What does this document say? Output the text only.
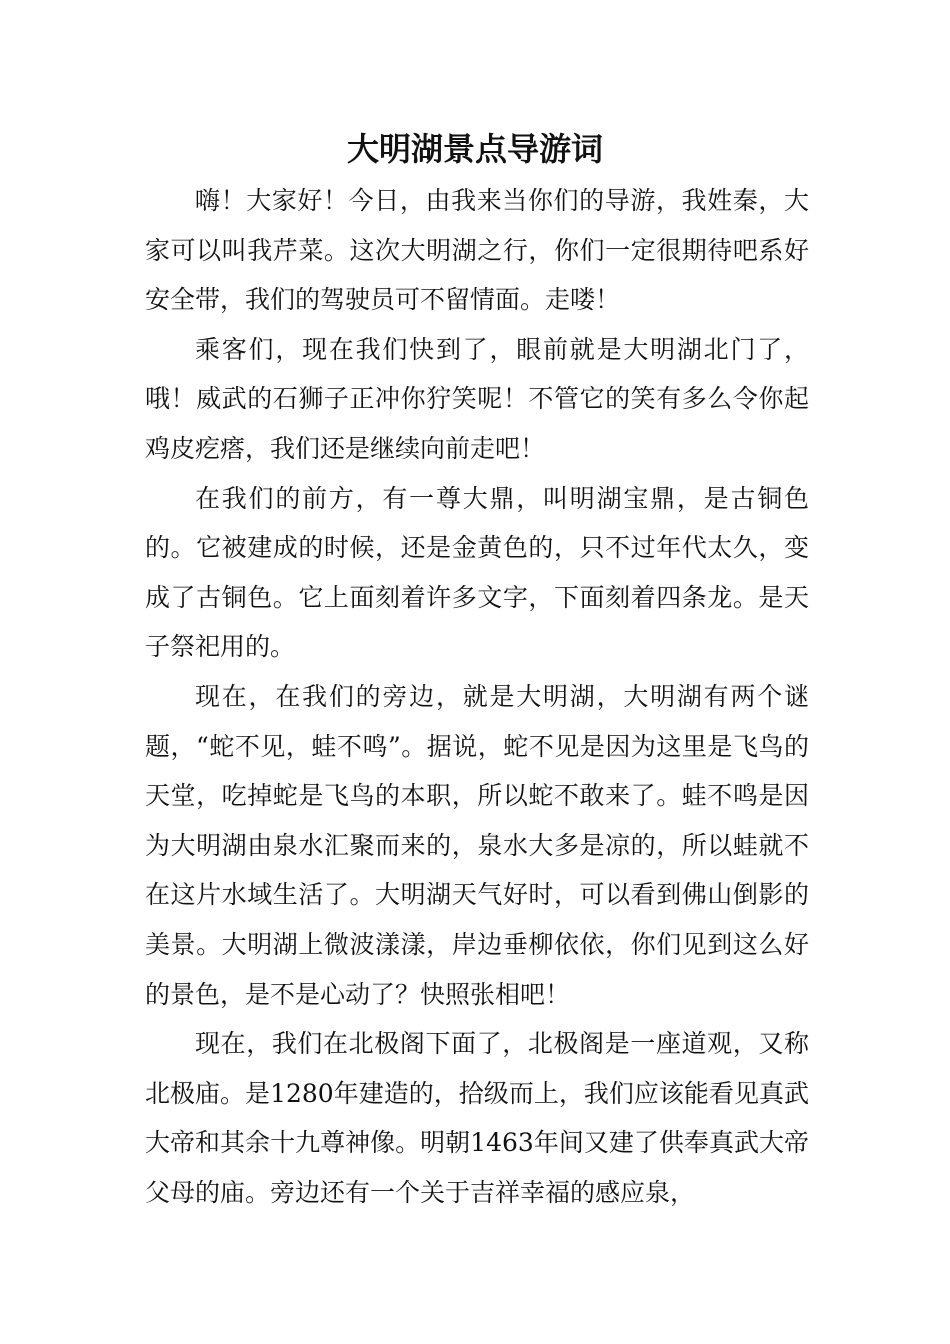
大明湖景点导游词

嗨！大家好！今日，由我来当你们的导游，我姓秦，大家可以叫我芹菜。这次大明湖之行，你们一定很期待吧系好安全带，我们的驾驶员可不留情面。走喽！

乘客们，现在我们快到了，眼前就是大明湖北门了，哦！威武的石狮子正冲你狞笑呢！不管它的笑有多么令你起鸡皮疙瘩，我们还是继续向前走吧！

在我们的前方，有一尊大鼎，叫明湖宝鼎，是古铜色的。它被建成的时候，还是金黄色的，只不过年代太久，变成了古铜色。它上面刻着许多文字，下面刻着四条龙。是天子祭祀用的。

现在，在我们的旁边，就是大明湖，大明湖有两个谜题，“蛇不见，蛙不鸣”。据说，蛇不见是因为这里是飞鸟的天堂，吃掉蛇是飞鸟的本职，所以蛇不敢来了。蛙不鸣是因为大明湖由泉水汇聚而来的，泉水大多是凉的，所以蛙就不在这片水域生活了。大明湖天气好时，可以看到佛山倒影的美景。大明湖上微波漾漾，岸边垂柳依依，你们见到这么好的景色，是不是心动了？快照张相吧！

现在，我们在北极阁下面了，北极阁是一座道观，又称北极庙。是1280年建造的，拾级而上，我们应该能看见真武大帝和其余十九尊神像。明朝1463年间又建了供奉真武大帝父母的庙。旁边还有一个关于吉祥幸福的感应泉，
